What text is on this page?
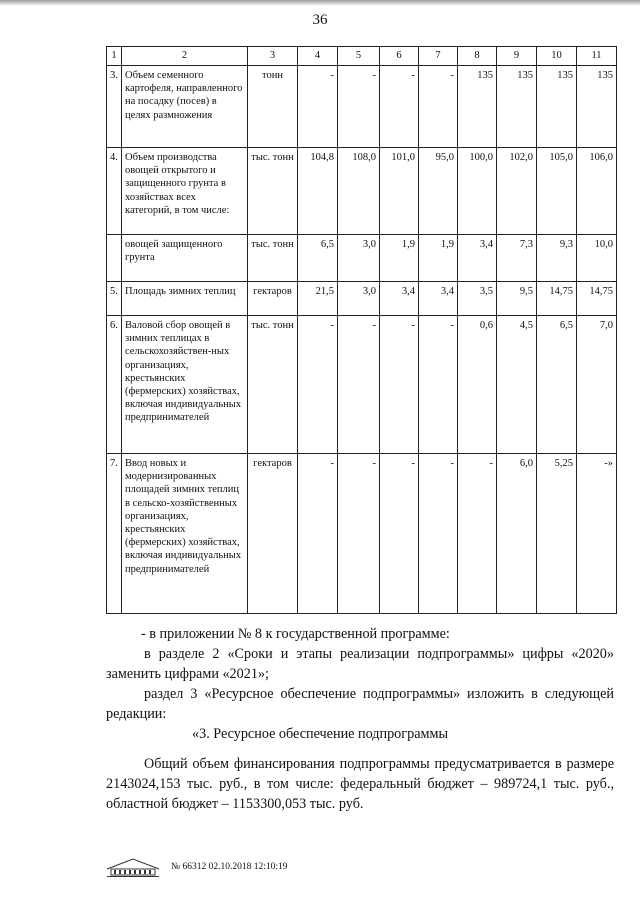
36
1	2	3	4	5	6	7	8	9	10	11
3.	Объем семенного картофеля, направленного на посадку (посев) в целях размножения	тонн	-	-	-	-	135	135	135	135
4.	Объем производства овощей открытого и защищенного грунта в хозяйствах всех категорий, в том числе:	тыс. тонн	104,8	108,0	101,0	95,0	100,0	102,0	105,0	106,0
	овощей защищенного грунта	тыс. тонн	6,5	3,0	1,9	1,9	3,4	7,3	9,3	10,0
5.	Площадь зимних теплиц	гектаров	21,5	3,0	3,4	3,4	3,5	9,5	14,75	14,75
6.	Валовой сбор овощей в зимних теплицах в сельскохозяйствен-ных организациях, крестьянских (фермерских) хозяйствах, включая индивидуальных предпринимателей	тыс. тонн	-	-	-	-	0,6	4,5	6,5	7,0
7.	Ввод новых и модернизированных площадей зимних теплиц в сельско-хозяйственных организациях, крестьянских (фермерских) хозяйствах, включая индивидуальных предпринимателей	гектаров	-	-	-	-	-	6,0	5,25	-»
- в приложении № 8 к государственной программе:
в разделе 2 «Сроки и этапы реализации подпрограммы» цифры «2020» заменить цифрами «2021»;
раздел 3 «Ресурсное обеспечение подпрограммы» изложить в следующей редакции:
«3. Ресурсное обеспечение подпрограммы
Общий объем финансирования подпрограммы предусматривается в размере 2143024,153 тыс. руб., в том числе: федеральный бюджет – 989724,1 тыс. руб., областной бюджет – 1153300,053 тыс. руб.
№ 66312 02.10.2018 12:10:19
